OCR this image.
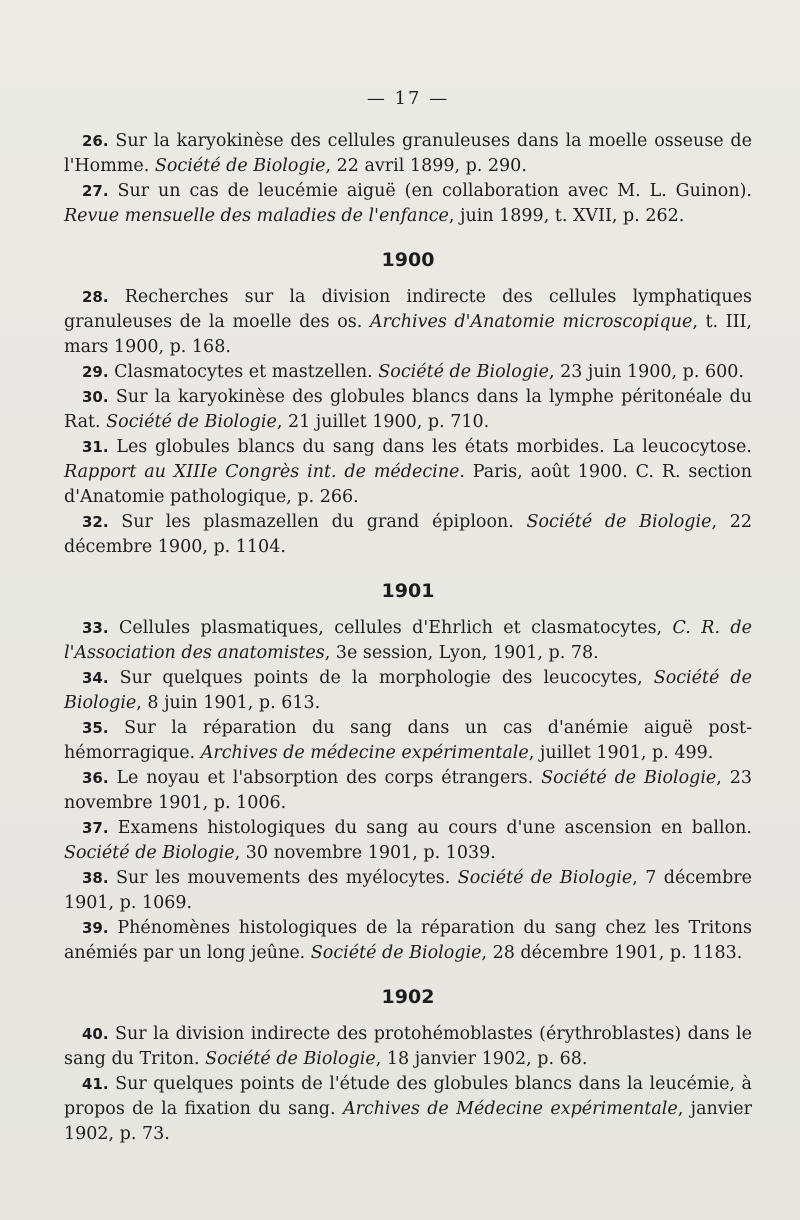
— 17 —

26. Sur la karyokinèse des cellules granuleuses dans la moelle osseuse de l'Homme. Société de Biologie, 22 avril 1899, p. 290.

27. Sur un cas de leucémie aiguë (en collaboration avec M. L. Guinon). Revue mensuelle des maladies de l'enfance, juin 1899, t. XVII, p. 262.

1900

28. Recherches sur la division indirecte des cellules lymphatiques granuleuses de la moelle des os. Archives d'Anatomie microscopique, t. III, mars 1900, p. 168.

29. Clasmatocytes et mastzellen. Société de Biologie, 23 juin 1900, p. 600.

30. Sur la karyokinèse des globules blancs dans la lymphe péritonéale du Rat. Société de Biologie, 21 juillet 1900, p. 710.

31. Les globules blancs du sang dans les états morbides. La leucocytose. Rapport au XIIIe Congrès int. de médecine. Paris, août 1900. C. R. section d'Anatomie pathologique, p. 266.

32. Sur les plasmazellen du grand épiploon. Société de Biologie, 22 décembre 1900, p. 1104.

1901

33. Cellules plasmatiques, cellules d'Ehrlich et clasmatocytes, C. R. de l'Association des anatomistes, 3e session, Lyon, 1901, p. 78.

34. Sur quelques points de la morphologie des leucocytes, Société de Biologie, 8 juin 1901, p. 613.

35. Sur la réparation du sang dans un cas d'anémie aiguë post-hémorragique. Archives de médecine expérimentale, juillet 1901, p. 499.

36. Le noyau et l'absorption des corps étrangers. Société de Biologie, 23 novembre 1901, p. 1006.

37. Examens histologiques du sang au cours d'une ascension en ballon. Société de Biologie, 30 novembre 1901, p. 1039.

38. Sur les mouvements des myélocytes. Société de Biologie, 7 décembre 1901, p. 1069.

39. Phénomènes histologiques de la réparation du sang chez les Tritons anémiés par un long jeûne. Société de Biologie, 28 décembre 1901, p. 1183.

1902

40. Sur la division indirecte des protohémoblastes (érythroblastes) dans le sang du Triton. Société de Biologie, 18 janvier 1902, p. 68.

41. Sur quelques points de l'étude des globules blancs dans la leucémie, à propos de la fixation du sang. Archives de Médecine expérimentale, janvier 1902, p. 73.
